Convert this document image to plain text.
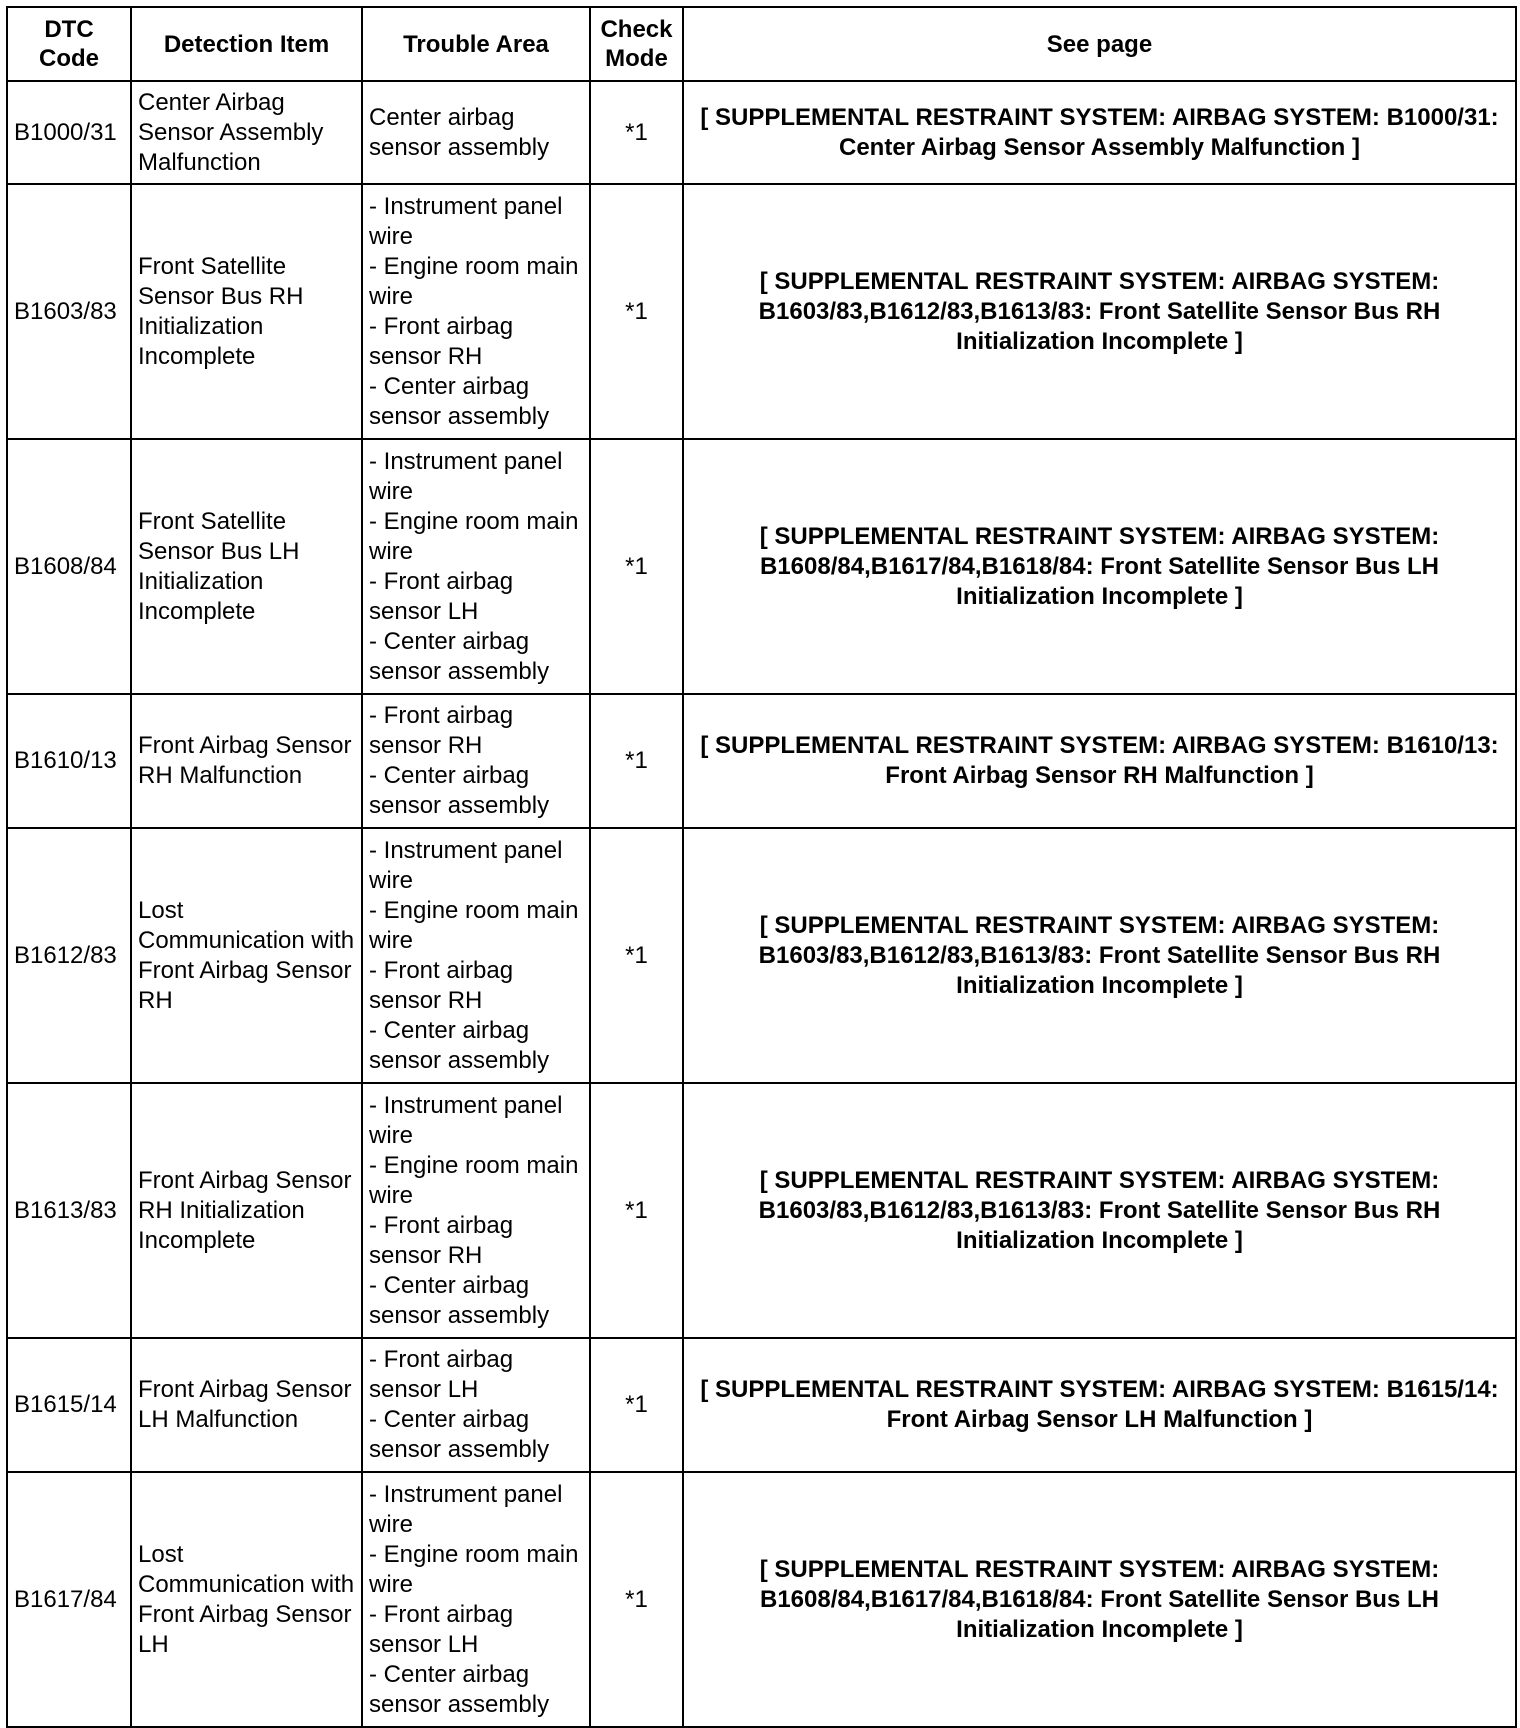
DTC
Code	Detection Item	Trouble Area	Check
Mode	See page
B1000/31	Center Airbag Sensor Assembly Malfunction	Center airbag sensor assembly	*1	[ SUPPLEMENTAL RESTRAINT SYSTEM: AIRBAG SYSTEM: B1000/31: Center Airbag Sensor Assembly Malfunction ]
B1603/83	Front Satellite Sensor Bus RH Initialization Incomplete	- Instrument panel wire
- Engine room main wire
- Front airbag sensor RH
- Center airbag sensor assembly	*1	[ SUPPLEMENTAL RESTRAINT SYSTEM: AIRBAG SYSTEM: B1603/83,B1612/83,B1613/83: Front Satellite Sensor Bus RH Initialization Incomplete ]
B1608/84	Front Satellite Sensor Bus LH Initialization Incomplete	- Instrument panel wire
- Engine room main wire
- Front airbag sensor LH
- Center airbag sensor assembly	*1	[ SUPPLEMENTAL RESTRAINT SYSTEM: AIRBAG SYSTEM: B1608/84,B1617/84,B1618/84: Front Satellite Sensor Bus LH Initialization Incomplete ]
B1610/13	Front Airbag Sensor RH Malfunction	- Front airbag sensor RH
- Center airbag sensor assembly	*1	[ SUPPLEMENTAL RESTRAINT SYSTEM: AIRBAG SYSTEM: B1610/13: Front Airbag Sensor RH Malfunction ]
B1612/83	Lost Communication with Front Airbag Sensor RH	- Instrument panel wire
- Engine room main wire
- Front airbag sensor RH
- Center airbag sensor assembly	*1	[ SUPPLEMENTAL RESTRAINT SYSTEM: AIRBAG SYSTEM: B1603/83,B1612/83,B1613/83: Front Satellite Sensor Bus RH Initialization Incomplete ]
B1613/83	Front Airbag Sensor RH Initialization Incomplete	- Instrument panel wire
- Engine room main wire
- Front airbag sensor RH
- Center airbag sensor assembly	*1	[ SUPPLEMENTAL RESTRAINT SYSTEM: AIRBAG SYSTEM: B1603/83,B1612/83,B1613/83: Front Satellite Sensor Bus RH Initialization Incomplete ]
B1615/14	Front Airbag Sensor LH Malfunction	- Front airbag sensor LH
- Center airbag sensor assembly	*1	[ SUPPLEMENTAL RESTRAINT SYSTEM: AIRBAG SYSTEM: B1615/14: Front Airbag Sensor LH Malfunction ]
B1617/84	Lost Communication with Front Airbag Sensor LH	- Instrument panel wire
- Engine room main wire
- Front airbag sensor LH
- Center airbag sensor assembly	*1	[ SUPPLEMENTAL RESTRAINT SYSTEM: AIRBAG SYSTEM: B1608/84,B1617/84,B1618/84: Front Satellite Sensor Bus LH Initialization Incomplete ]
